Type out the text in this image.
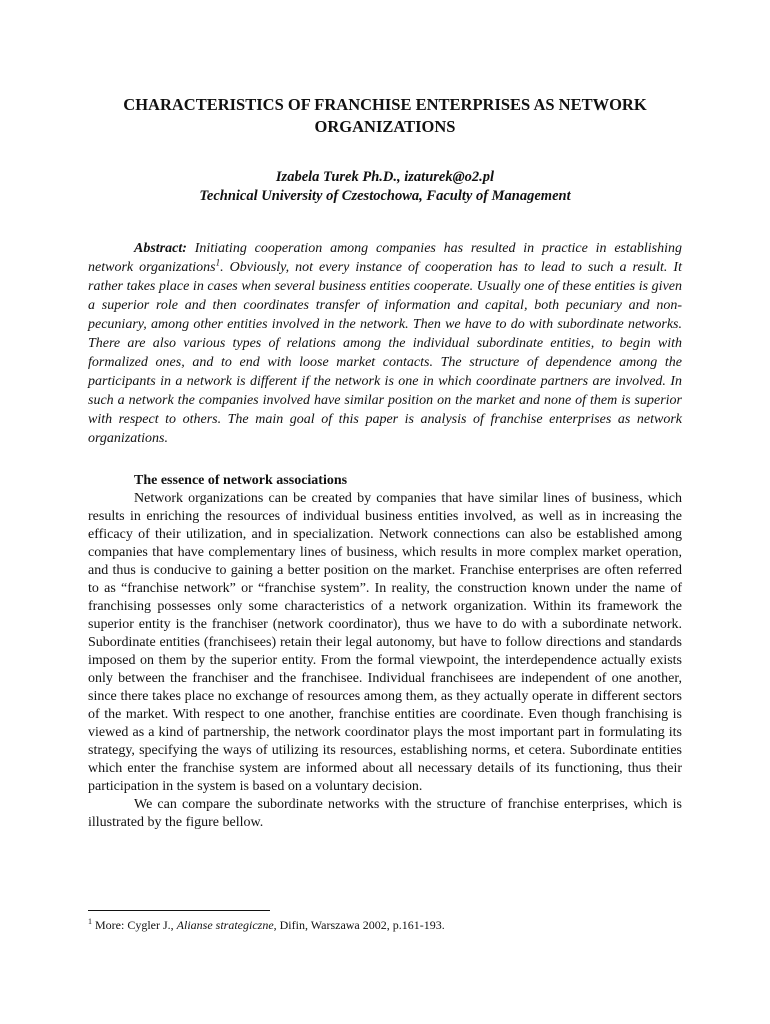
CHARACTERISTICS OF FRANCHISE ENTERPRISES AS NETWORK ORGANIZATIONS
Izabela Turek Ph.D., izaturek@o2.pl
Technical University of Czestochowa, Faculty of Management
Abstract: Initiating cooperation among companies has resulted in practice in establishing network organizations$^1$. Obviously, not every instance of cooperation has to lead to such a result. It rather takes place in cases when several business entities cooperate. Usually one of these entities is given a superior role and then coordinates transfer of information and capital, both pecuniary and non-pecuniary, among other entities involved in the network. Then we have to do with subordinate networks. There are also various types of relations among the individual subordinate entities, to begin with formalized ones, and to end with loose market contacts. The structure of dependence among the participants in a network is different if the network is one in which coordinate partners are involved. In such a network the companies involved have similar position on the market and none of them is superior with respect to others. The main goal of this paper is analysis of franchise enterprises as network organizations.
The essence of network associations

Network organizations can be created by companies that have similar lines of business, which results in enriching the resources of individual business entities involved, as well as in increasing the efficacy of their utilization, and in specialization. Network connections can also be established among companies that have complementary lines of business, which results in more complex market operation, and thus is conducive to gaining a better position on the market. Franchise enterprises are often referred to as “franchise network” or “franchise system”. In reality, the construction known under the name of franchising possesses only some characteristics of a network organization. Within its framework the superior entity is the franchiser (network coordinator), thus we have to do with a subordinate network. Subordinate entities (franchisees) retain their legal autonomy, but have to follow directions and standards imposed on them by the superior entity. From the formal viewpoint, the interdependence actually exists only between the franchiser and the franchisee. Individual franchisees are independent of one another, since there takes place no exchange of resources among them, as they actually operate in different sectors of the market. With respect to one another, franchise entities are coordinate. Even though franchising is viewed as a kind of partnership, the network coordinator plays the most important part in formulating its strategy, specifying the ways of utilizing its resources, establishing norms, et cetera. Subordinate entities which enter the franchise system are informed about all necessary details of its functioning, thus their participation in the system is based on a voluntary decision.

We can compare the subordinate networks with the structure of franchise enterprises, which is illustrated by the figure bellow.

$^1$ More: Cygler J., Alianse strategiczne, Difin, Warszawa 2002, p.161-193.
